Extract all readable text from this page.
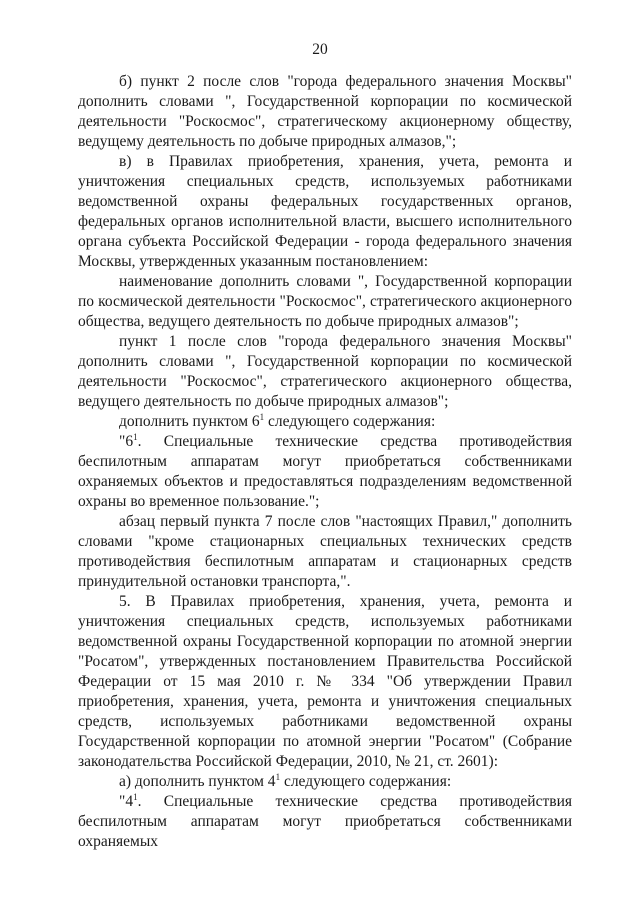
20

б) пункт 2 после слов "города федерального значения Москвы" дополнить словами ", Государственной корпорации по космической деятельности "Роскосмос", стратегическому акционерному обществу, ведущему деятельность по добыче природных алмазов,";

в) в Правилах приобретения, хранения, учета, ремонта и уничтожения специальных средств, используемых работниками ведомственной охраны федеральных государственных органов, федеральных органов исполнительной власти, высшего исполнительного органа субъекта Российской Федерации - города федерального значения Москвы, утвержденных указанным постановлением:

наименование дополнить словами ", Государственной корпорации по космической деятельности "Роскосмос", стратегического акционерного общества, ведущего деятельность по добыче природных алмазов";

пункт 1 после слов "города федерального значения Москвы" дополнить словами ", Государственной корпорации по космической деятельности "Роскосмос", стратегического акционерного общества, ведущего деятельность по добыче природных алмазов";

дополнить пунктом $6^1$ следующего содержания:

"$6^1$. Специальные технические средства противодействия беспилотным аппаратам могут приобретаться собственниками охраняемых объектов и предоставляться подразделениям ведомственной охраны во временное пользование.";

абзац первый пункта 7 после слов "настоящих Правил," дополнить словами "кроме стационарных специальных технических средств противодействия беспилотным аппаратам и стационарных средств принудительной остановки транспорта,".

5. В Правилах приобретения, хранения, учета, ремонта и уничтожения специальных средств, используемых работниками ведомственной охраны Государственной корпорации по атомной энергии "Росатом", утвержденных постановлением Правительства Российской Федерации от 15 мая 2010 г. № 334 "Об утверждении Правил приобретения, хранения, учета, ремонта и уничтожения специальных средств, используемых работниками ведомственной охраны Государственной корпорации по атомной энергии "Росатом" (Собрание законодательства Российской Федерации, 2010, № 21, ст. 2601):

а) дополнить пунктом $4^1$ следующего содержания:

"$4^1$. Специальные технические средства противодействия беспилотным аппаратам могут приобретаться собственниками охраняемых
